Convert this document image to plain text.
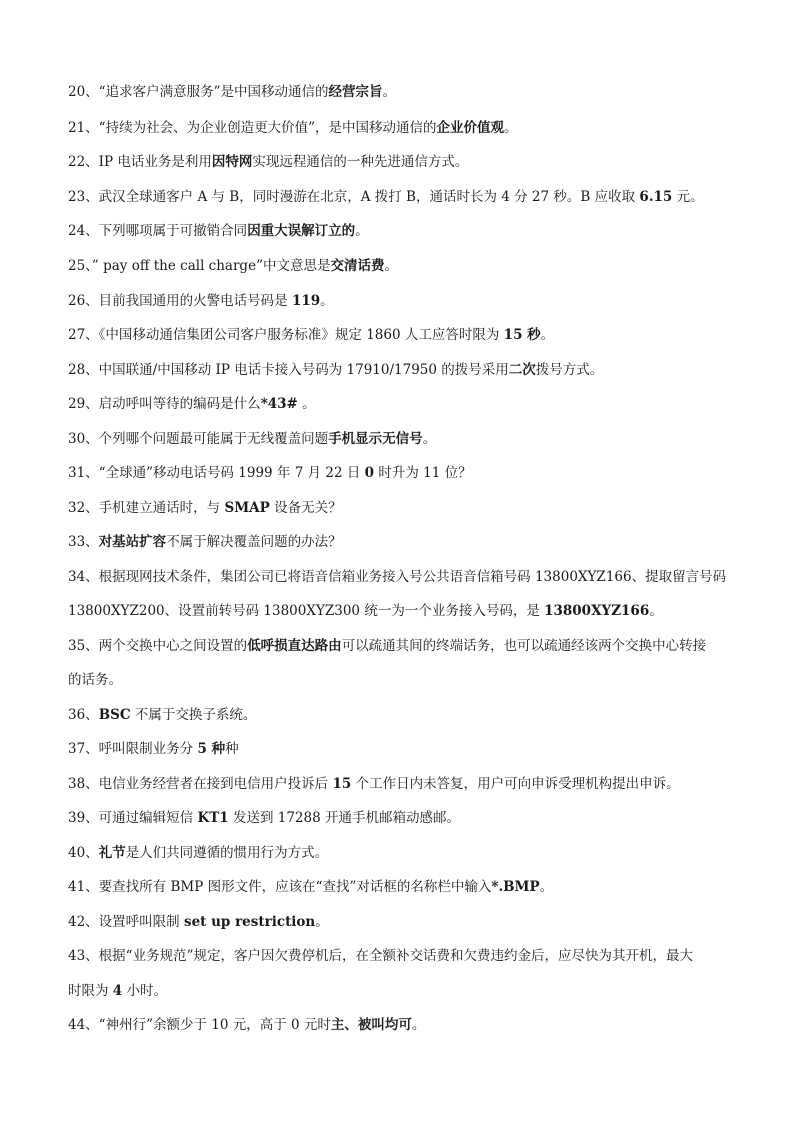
20、“追求客户满意服务”是中国移动通信的经营宗旨。
21、“持续为社会、为企业创造更大价值”，是中国移动通信的企业价值观。
22、IP 电话业务是利用因特网实现远程通信的一种先进通信方式。
23、武汉全球通客户 A 与 B，同时漫游在北京，A 拨打 B，通话时长为 4 分 27 秒。B 应收取 6.15 元。
24、下列哪项属于可撤销合同因重大误解订立的。
25、” pay off the call charge”中文意思是交清话费。
26、目前我国通用的火警电话号码是 119。
27、《中国移动通信集团公司客户服务标准》规定 1860 人工应答时限为 15 秒。
28、中国联通/中国移动 IP 电话卡接入号码为 17910/17950 的拨号采用二次拨号方式。
29、启动呼叫等待的编码是什么*43# 。
30、个列哪个问题最可能属于无线覆盖问题手机显示无信号。
31、“全球通”移动电话号码 1999 年 7 月 22 日 0 时升为 11 位？
32、手机建立通话时，与 SMAP 设备无关？
33、对基站扩容不属于解决覆盖问题的办法？
34、根据现网技术条件，集团公司已将语音信箱业务接入号公共语音信箱号码 13800XYZ166、提取留言号码
13800XYZ200、设置前转号码 13800XYZ300 统一为一个业务接入号码，是 13800XYZ166。
35、两个交换中心之间设置的低呼损直达路由可以疏通其间的终端话务，也可以疏通经该两个交换中心转接
的话务。
36、BSC 不属于交换子系统。
37、呼叫限制业务分 5 种种
38、电信业务经营者在接到电信用户投诉后 15 个工作日内未答复，用户可向申诉受理机构提出申诉。
39、可通过编辑短信 KT1 发送到 17288 开通手机邮箱动感邮。
40、礼节是人们共同遵循的惯用行为方式。
41、要查找所有 BMP 图形文件，应该在“查找”对话框的名称栏中输入*.BMP。
42、设置呼叫限制 set up restriction。
43、根据“业务规范”规定，客户因欠费停机后，在全额补交话费和欠费违约金后，应尽快为其开机，最大
时限为 4 小时。
44、“神州行”余额少于 10 元，高于 0 元时主、被叫均可。
